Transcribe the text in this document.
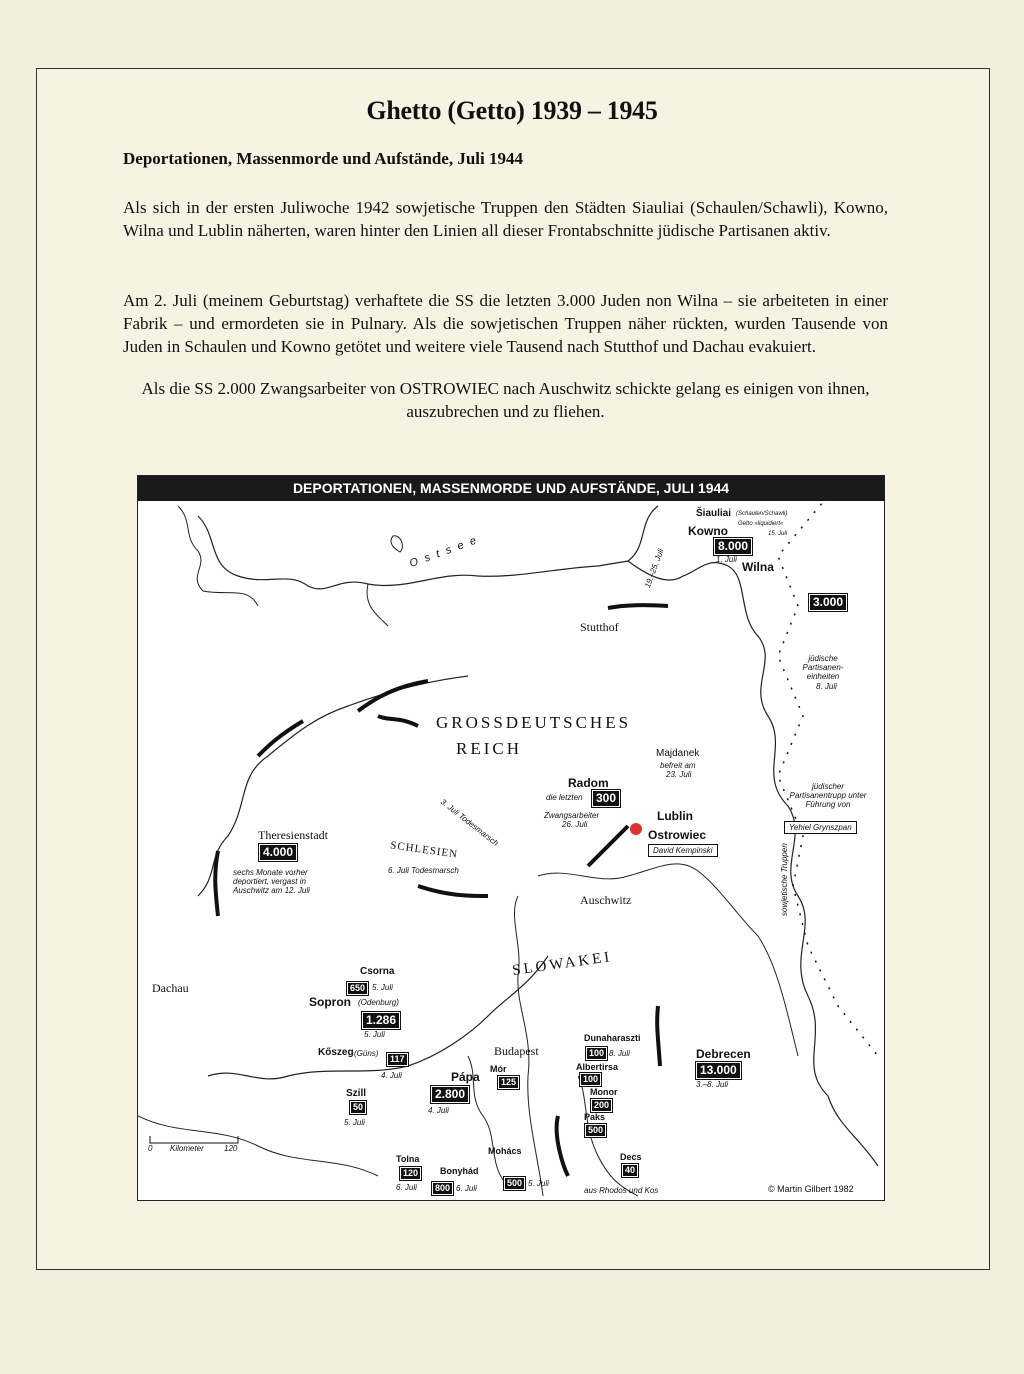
Ghetto (Getto) 1939 – 1945
Deportationen, Massenmorde und Aufstände, Juli 1944
Als sich in der ersten Juliwoche 1942 sowjetische Truppen den Städten Siauliai (Schaulen/Schawli), Kowno, Wilna und Lublin näherten, waren hinter den Linien all dieser Frontabschnitte jüdische Partisanen aktiv.
Am 2. Juli (meinem Geburtstag) verhaftete die SS die letzten 3.000 Juden non Wilna – sie arbeiteten in einer Fabrik – und ermordeten sie in Pulnary. Als die sowjetischen Truppen näher rückten, wurden Tausende von Juden in Schaulen und Kowno getötet und weitere viele Tausend nach Stutthof und Dachau evakuiert.
Als die SS 2.000 Zwangsarbeiter von OSTROWIEC nach Auschwitz schickte gelang es einigen von ihnen, auszubrechen und zu fliehen.
DEPORTATIONEN, MASSENMORDE UND AUFSTÄNDE, JULI 1944
O s t s e e
GROSSDEUTSCHES
REICH
SCHLESIEN
SLOWAKEI
sowjetische Truppen
19.–25. Juli
3. Juli Todesmarsch
6. Juli Todesmarsch
Šiauliai (Schaulen/Schawli)
Getto »liquidiert«
15. Juli
Kowno
8.000
1. Juli
Wilna
3.000
jüdische Partisanen-einheiten
8. Juli
Stutthof
Majdanek
befreit am
23. Juli
Radom
die letzten	300
Zwangsarbeiter
26. Juli
Lublin
Ostrowiec
David Kempinski
jüdischer Partisanentrupp unter Führung von
Yehiel Grynszpan
Theresienstadt
4.000
sechs Monate vorher deportiert, vergast in Auschwitz am 12. Juli
Auschwitz
Dachau
Csorna
650 5. Juli
Sopron (Odenburg)
1.286
5. Juli
Kőszeg (Güns)
117
4. Juli
Szill
50
5. Juli
Pápa
2.800
4. Juli
Mór
125
Budapest
Dunaharaszti
100 8. Juli
Albertirsa
100
Monor
200
Paks
500
Debrecen
13.000
3.–8. Juli
Mohács
Tolna
120
6. Juli
Bonyhád
800 6. Juli
500 5. Juli
Decs
40
aus Rhodos und Kos
0 Kilometer	120
© Martin Gilbert 1982
